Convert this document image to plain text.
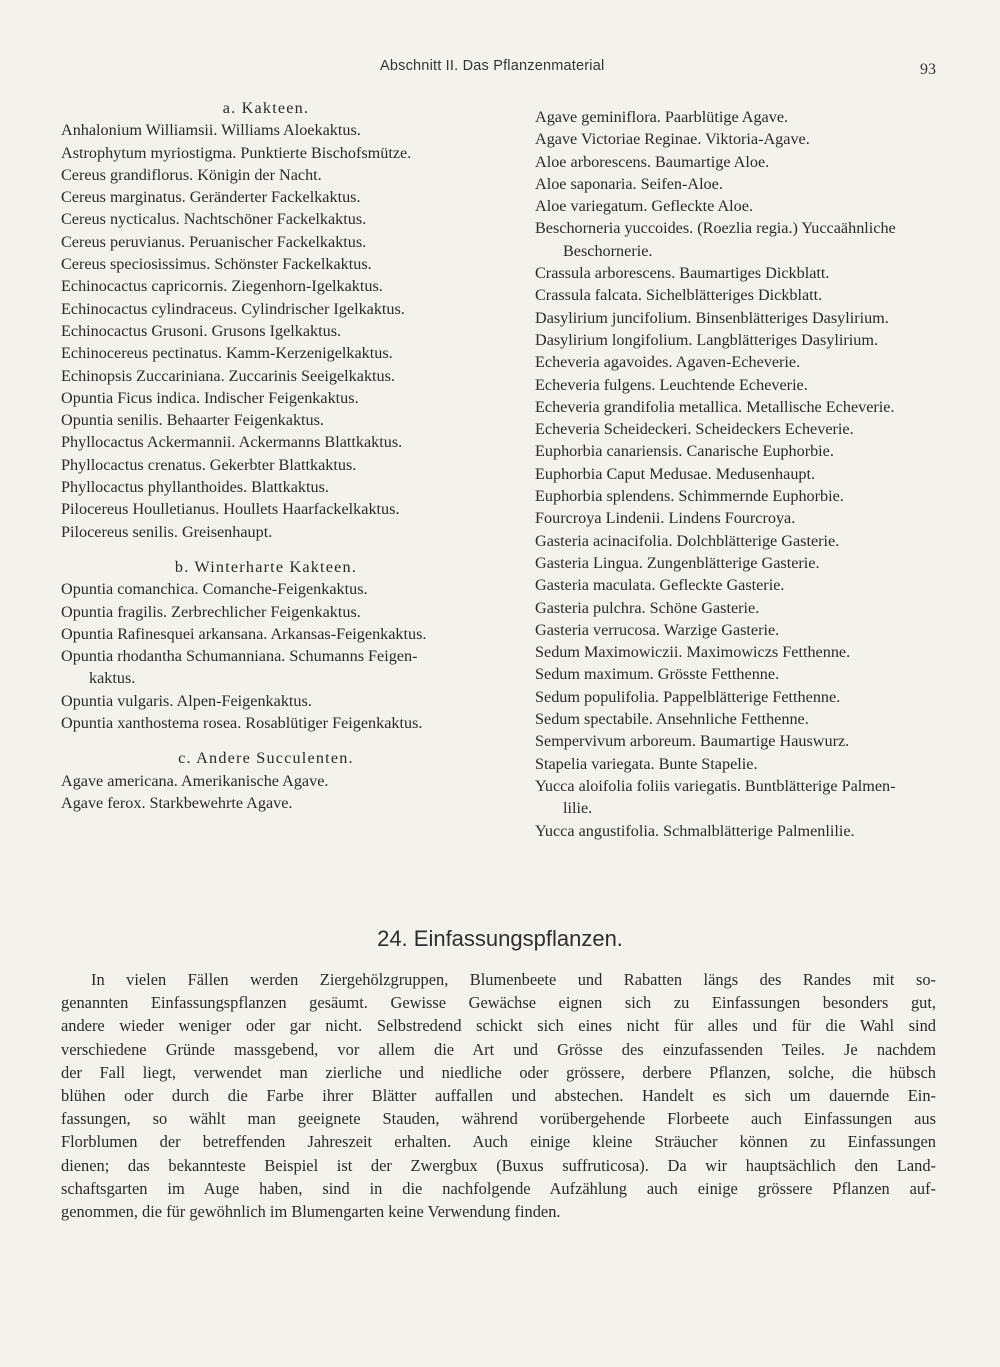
Abschnitt II. Das Pflanzenmaterial	93
a. Kakteen.
Anhalonium Williamsii. Williams Aloekaktus.
Astrophytum myriostigma. Punktierte Bischofsmütze.
Cereus grandiflorus. Königin der Nacht.
Cereus marginatus. Geränderter Fackelkaktus.
Cereus nycticalus. Nachtschöner Fackelkaktus.
Cereus peruvianus. Peruanischer Fackelkaktus.
Cereus speciosissimus. Schönster Fackelkaktus.
Echinocactus capricornis. Ziegenhorn-Igelkaktus.
Echinocactus cylindraceus. Cylindrischer Igelkaktus.
Echinocactus Grusoni. Grusons Igelkaktus.
Echinocereus pectinatus. Kamm-Kerzenigelkaktus.
Echinopsis Zuccariniana. Zuccarinis Seeigelkaktus.
Opuntia Ficus indica. Indischer Feigenkaktus.
Opuntia senilis. Behaarter Feigenkaktus.
Phyllocactus Ackermannii. Ackermanns Blattkaktus.
Phyllocactus crenatus. Gekerbter Blattkaktus.
Phyllocactus phyllanthoides. Blattkaktus.
Pilocereus Houlletianus. Houllets Haarfackelkaktus.
Pilocereus senilis. Greisenhaupt.
b. Winterharte Kakteen.
Opuntia comanchica. Comanche-Feigenkaktus.
Opuntia fragilis. Zerbrechlicher Feigenkaktus.
Opuntia Rafinesquei arkansana. Arkansas-Feigenkaktus.
Opuntia rhodantha Schumanniana. Schumanns Feigen-
kaktus.
Opuntia vulgaris. Alpen-Feigenkaktus.
Opuntia xanthostema rosea. Rosablütiger Feigenkaktus.
c. Andere Succulenten.
Agave americana. Amerikanische Agave.
Agave ferox. Starkbewehrte Agave.
Agave geminiflora. Paarblütige Agave.
Agave Victoriae Reginae. Viktoria-Agave.
Aloe arborescens. Baumartige Aloe.
Aloe saponaria. Seifen-Aloe.
Aloe variegatum. Gefleckte Aloe.
Beschorneria yuccoides. (Roezlia regia.) Yuccaähnliche
Beschornerie.
Crassula arborescens. Baumartiges Dickblatt.
Crassula falcata. Sichelblätteriges Dickblatt.
Dasylirium juncifolium. Binsenblätteriges Dasylirium.
Dasylirium longifolium. Langblätteriges Dasylirium.
Echeveria agavoides. Agaven-Echeverie.
Echeveria fulgens. Leuchtende Echeverie.
Echeveria grandifolia metallica. Metallische Echeverie.
Echeveria Scheideckeri. Scheideckers Echeverie.
Euphorbia canariensis. Canarische Euphorbie.
Euphorbia Caput Medusae. Medusenhaupt.
Euphorbia splendens. Schimmernde Euphorbie.
Fourcroya Lindenii. Lindens Fourcroya.
Gasteria acinacifolia. Dolchblätterige Gasterie.
Gasteria Lingua. Zungenblätterige Gasterie.
Gasteria maculata. Gefleckte Gasterie.
Gasteria pulchra. Schöne Gasterie.
Gasteria verrucosa. Warzige Gasterie.
Sedum Maximowiczii. Maximowiczs Fetthenne.
Sedum maximum. Grösste Fetthenne.
Sedum populifolia. Pappelblätterige Fetthenne.
Sedum spectabile. Ansehnliche Fetthenne.
Sempervivum arboreum. Baumartige Hauswurz.
Stapelia variegata. Bunte Stapelie.
Yucca aloifolia foliis variegatis. Buntblätterige Palmen-
lilie.
Yucca angustifolia. Schmalblätterige Palmenlilie.
24. Einfassungspflanzen.
In vielen Fällen werden Ziergehölzgruppen, Blumenbeete und Rabatten längs des Randes mit so-
genannten Einfassungspflanzen gesäumt. Gewisse Gewächse eignen sich zu Einfassungen besonders gut,
andere wieder weniger oder gar nicht. Selbstredend schickt sich eines nicht für alles und für die Wahl sind
verschiedene Gründe massgebend, vor allem die Art und Grösse des einzufassenden Teiles. Je nachdem
der Fall liegt, verwendet man zierliche und niedliche oder grössere, derbere Pflanzen, solche, die hübsch
blühen oder durch die Farbe ihrer Blätter auffallen und abstechen. Handelt es sich um dauernde Ein-
fassungen, so wählt man geeignete Stauden, während vorübergehende Florbeete auch Einfassungen aus
Florblumen der betreffenden Jahreszeit erhalten. Auch einige kleine Sträucher können zu Einfassungen
dienen; das bekannteste Beispiel ist der Zwergbux (Buxus suffruticosa). Da wir hauptsächlich den Land-
schaftsgarten im Auge haben, sind in die nachfolgende Aufzählung auch einige grössere Pflanzen auf-
genommen, die für gewöhnlich im Blumengarten keine Verwendung finden.
